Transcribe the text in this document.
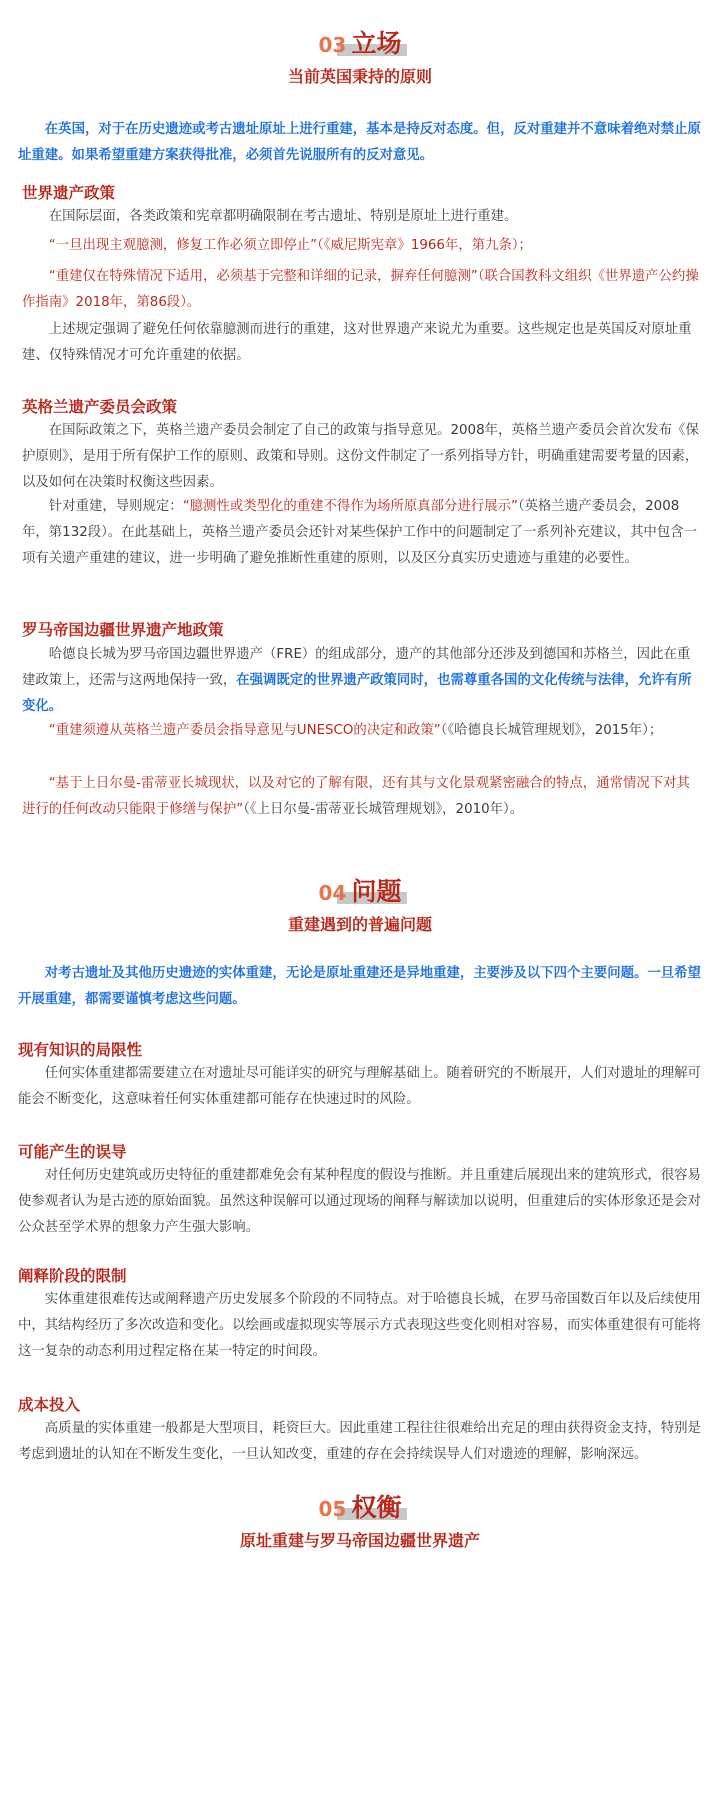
03 立场
当前英国秉持的原则

在英国，对于在历史遗迹或考古遗址原址上进行重建，基本是持反对态度。但，反对重建并不意味着绝对禁止原址重建。如果希望重建方案获得批准，必须首先说服所有的反对意见。

世界遗产政策

在国际层面，各类政策和宪章都明确限制在考古遗址、特别是原址上进行重建。

“一旦出现主观臆测，修复工作必须立即停止”（《威尼斯宪章》1966年，第九条）；

“重建仅在特殊情况下适用，必须基于完整和详细的记录，摒弃任何臆测”（联合国教科文组织《世界遗产公约操作指南》2018年，第86段）。

上述规定强调了避免任何依靠臆测而进行的重建，这对世界遗产来说尤为重要。这些规定也是英国反对原址重建、仅特殊情况才可允许重建的依据。

英格兰遗产委员会政策

在国际政策之下，英格兰遗产委员会制定了自己的政策与指导意见。2008年，英格兰遗产委员会首次发布《保护原则》，是用于所有保护工作的原则、政策和导则。这份文件制定了一系列指导方针，明确重建需要考量的因素，以及如何在决策时权衡这些因素。

针对重建，导则规定：“臆测性或类型化的重建不得作为场所原真部分进行展示”（英格兰遗产委员会，2008年，第132段）。在此基础上，英格兰遗产委员会还针对某些保护工作中的问题制定了一系列补充建议，其中包含一项有关遗产重建的建议，进一步明确了避免推断性重建的原则，以及区分真实历史遗迹与重建的必要性。

罗马帝国边疆世界遗产地政策

哈德良长城为罗马帝国边疆世界遗产（FRE）的组成部分，遗产的其他部分还涉及到德国和苏格兰，因此在重建政策上，还需与这两地保持一致，在强调既定的世界遗产政策同时，也需尊重各国的文化传统与法律，允许有所变化。

“重建须遵从英格兰遗产委员会指导意见与UNESCO的决定和政策”（《哈德良长城管理规划》，2015年）；

“基于上日尔曼-雷蒂亚长城现状，以及对它的了解有限，还有其与文化景观紧密融合的特点，通常情况下对其进行的任何改动只能限于修缮与保护”（《上日尔曼-雷蒂亚长城管理规划》，2010年）。

04 问题
重建遇到的普遍问题

对考古遗址及其他历史遗迹的实体重建，无论是原址重建还是异地重建，主要涉及以下四个主要问题。一旦希望开展重建，都需要谨慎考虑这些问题。

现有知识的局限性

任何实体重建都需要建立在对遗址尽可能详实的研究与理解基础上。随着研究的不断展开，人们对遗址的理解可能会不断变化，这意味着任何实体重建都可能存在快速过时的风险。

可能产生的误导

对任何历史建筑或历史特征的重建都难免会有某种程度的假设与推断。并且重建后展现出来的建筑形式，很容易使参观者认为是古迹的原始面貌。虽然这种误解可以通过现场的阐释与解读加以说明，但重建后的实体形象还是会对公众甚至学术界的想象力产生强大影响。

阐释阶段的限制

实体重建很难传达或阐释遗产历史发展多个阶段的不同特点。对于哈德良长城，在罗马帝国数百年以及后续使用中，其结构经历了多次改造和变化。以绘画或虚拟现实等展示方式表现这些变化则相对容易，而实体重建很有可能将这一复杂的动态利用过程定格在某一特定的时间段。

成本投入

高质量的实体重建一般都是大型项目，耗资巨大。因此重建工程往往很难给出充足的理由获得资金支持，特别是考虑到遗址的认知在不断发生变化，一旦认知改变，重建的存在会持续误导人们对遗迹的理解，影响深远。

05 权衡
原址重建与罗马帝国边疆世界遗产
